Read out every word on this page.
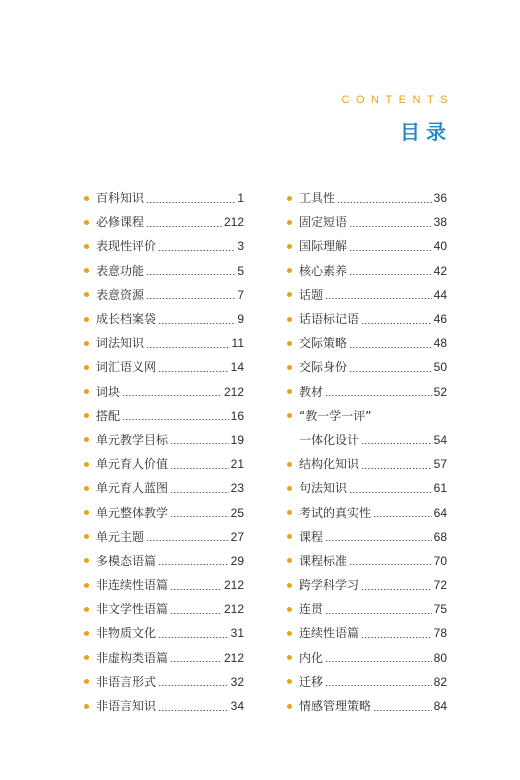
CONTENTS
目录
百科知识	1
必修课程	212
表现性评价	3
表意功能	5
表意资源	7
成长档案袋	9
词法知识	11
词汇语义网	14
词块	212
搭配	16
单元教学目标	19
单元育人价值	21
单元育人蓝图	23
单元整体教学	25
单元主题	27
多模态语篇	29
非连续性语篇	212
非文学性语篇	212
非物质文化	31
非虚构类语篇	212
非语言形式	32
非语言知识	34
工具性	36
固定短语	38
国际理解	40
核心素养	42
话题	44
话语标记语	46
交际策略	48
交际身份	50
教材	52
“教一学一评”
一体化设计	54
结构化知识	57
句法知识	61
考试的真实性	64
课程	68
课程标准	70
跨学科学习	72
连贯	75
连续性语篇	78
内化	80
迁移	82
情感管理策略	84
